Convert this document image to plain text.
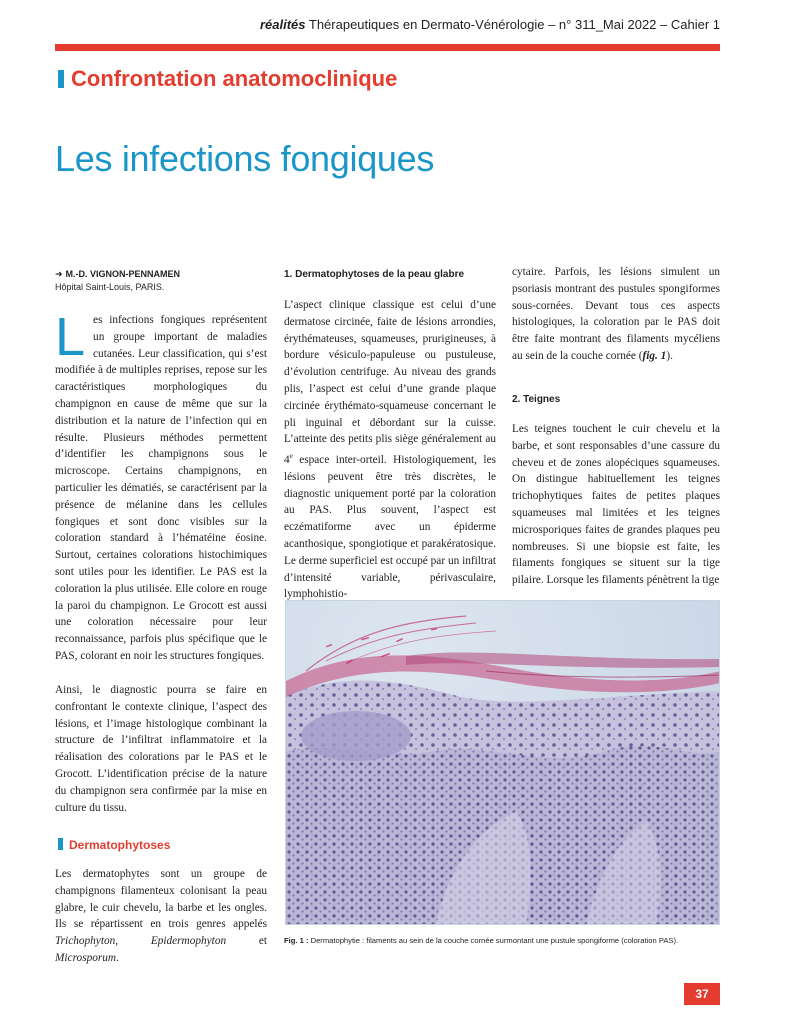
réalités Thérapeutiques en Dermato-Vénérologie – n° 311_Mai 2022 – Cahier 1
Confrontation anatomoclinique
Les infections fongiques
➜ M.-D. VIGNON-PENNAMEN
Hôpital Saint-Louis, PARIS.
L es infections fongiques représentent un groupe important de maladies cutanées. Leur classification, qui s’est modifiée à de multiples reprises, repose sur les caractéristiques morphologiques du champignon en cause de même que sur la distribution et la nature de l’infection qui en résulte. Plusieurs méthodes permettent d’identifier les champignons sous le microscope. Certains champignons, en particulier les dématiés, se caractérisent par la présence de mélanine dans les cellules fongiques et sont donc visibles sur la coloration standard à l’hématéine éosine. Surtout, certaines colorations histochimiques sont utiles pour les identifier. Le PAS est la coloration la plus utilisée. Elle colore en rouge la paroi du champignon. Le Grocott est aussi une coloration nécessaire pour leur reconnaissance, parfois plus spécifique que le PAS, colorant en noir les structures fongiques.

Ainsi, le diagnostic pourra se faire en confrontant le contexte clinique, l’aspect des lésions, et l’image histologique combinant la structure de l’infiltrat inflammatoire et la réalisation des colorations par le PAS et le Grocott. L’identification précise de la nature du champignon sera confirmée par la mise en culture du tissu.

Dermatophytoses

Les dermatophytes sont un groupe de champignons filamenteux colonisant la peau glabre, le cuir chevelu, la barbe et les ongles. Ils se répartissent en trois genres appelés Trichophyton, Epidermophyton et Microsporum.

1. Dermatophytoses de la peau glabre

L’aspect clinique classique est celui d’une dermatose circinée, faite de lésions arrondies, érythémateuses, squameuses, prurigineuses, à bordure vésiculo-papuleuse ou pustuleuse, d’évolution centrifuge. Au niveau des grands plis, l’aspect est celui d’une grande plaque circinée érythémato-squameuse concernant le pli inguinal et débordant sur la cuisse. L’atteinte des petits plis siège généralement au 4e espace inter-orteil. Histologiquement, les lésions peuvent être très discrètes, le diagnostic uniquement porté par la coloration au PAS. Plus souvent, l’aspect est eczématiforme avec un épiderme acanthosique, spongiotique et parakératosique. Le derme superficiel est occupé par un infiltrat d’intensité variable, périvasculaire, lymphohistio-

cytaire. Parfois, les lésions simulent un psoriasis montrant des pustules spongiformes sous-cornées. Devant tous ces aspects histologiques, la coloration par le PAS doit être faite montrant des filaments mycéliens au sein de la couche cornée (fig. 1).

2. Teignes

Les teignes touchent le cuir chevelu et la barbe, et sont responsables d’une cassure du cheveu et de zones alopéciques squameuses. On distingue habituellement les teignes trichophytiques faites de petites plaques squameuses mal limitées et les teignes microsporiques faites de grandes plaques peu nombreuses. Si une biopsie est faite, les filaments fongiques se situent sur la tige pilaire. Lorsque les filaments pénètrent la tige

Fig. 1 : Dermatophytie : filaments au sein de la couche cornée surmontant une pustule spongiforme (coloration PAS).
37
